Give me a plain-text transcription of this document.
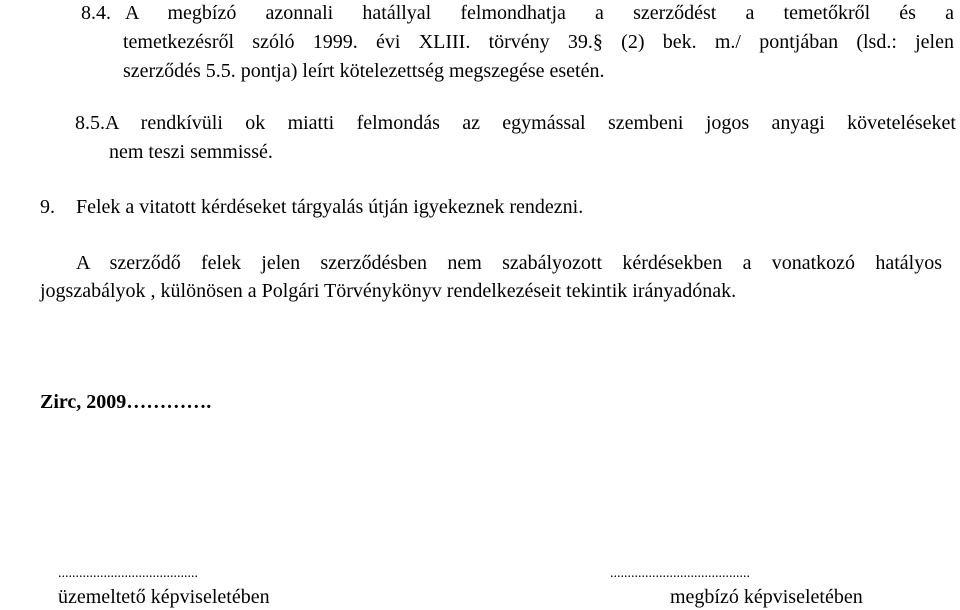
8.4. A megbízó azonnali hatállyal felmondhatja a szerződést a temetőkről és a
temetkezésről szóló 1999. évi XLIII. törvény 39.§ (2) bek. m./ pontjában (lsd.: jelen
szerződés 5.5. pontja) leírt kötelezettség megszegése esetén.
8.5. A rendkívüli ok miatti felmondás az egymással szembeni jogos anyagi követeléseket
nem teszi semmissé.
9. Felek a vitatott kérdéseket tárgyalás útján igyekeznek rendezni.
A szerződő felek jelen szerződésben nem szabályozott kérdésekben a vonatkozó hatályos
jogszabályok , különösen a Polgári Törvénykönyv rendelkezéseit tekintik irányadónak.
Zirc, 2009………….
........................................
üzemeltető képviseletében
........................................
megbízó képviseletében
